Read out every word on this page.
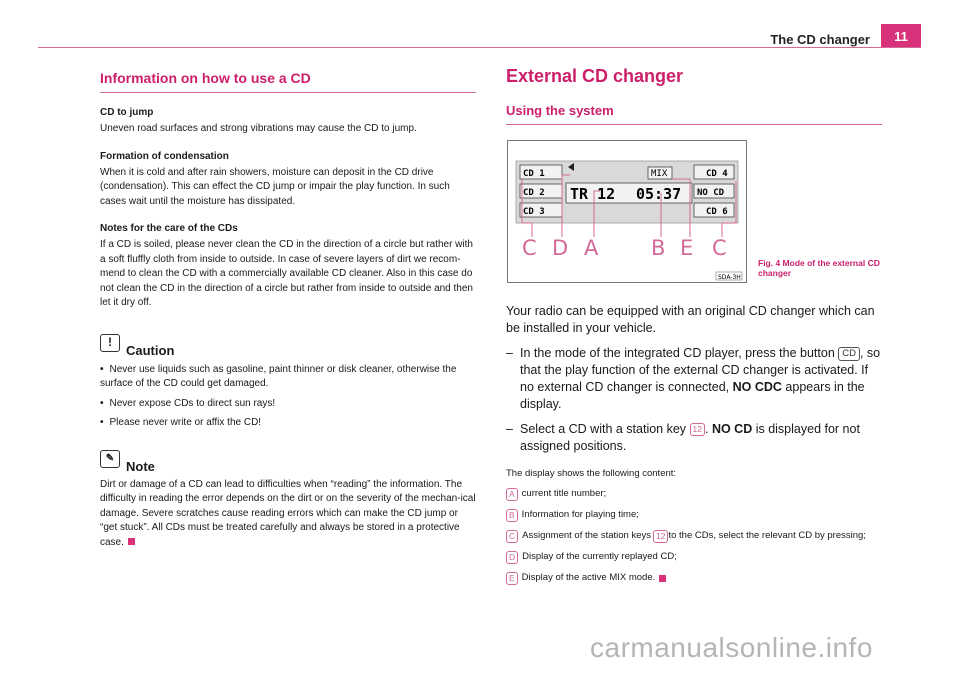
The CD changer	11
Information on how to use a CD
CD to jump

Uneven road surfaces and strong vibrations may cause the CD to jump.

Formation of condensation

When it is cold and after rain showers, moisture can deposit in the CD drive (condensation). This can effect the CD jump or impair the play function. In such cases wait until the moisture has dissipated.

Notes for the care of the CDs

If a CD is soiled, please never clean the CD in the direction of a circle but rather with a soft fluffly cloth from inside to outside. In case of severe layers of dirt we recom-mend to clean the CD with a commercially available CD cleaner. Also in this case do not clean the CD in the direction of a circle but rather from inside to outside and then let it dry off.

!
Caution

• Never use liquids such as gasoline, paint thinner or disk cleaner, otherwise the surface of the CD could get damaged.

• Never expose CDs to direct sun rays!

• Please never write or affix the CD!

✎ Note

Dirt or damage of a CD can lead to difficulties when “reading” the information. The difficulty in reading the error depends on the dirt or on the severity of the mechan-ical damage. Severe scratches cause reading errors which can make the CD jump or “get stuck”. All CDs must be treated carefully and always be stored in a protective case.

External CD changer
Using the system
CD 1
CD 2
CD 3
CD 4
NO CD
CD 6
MIX
TR 12 05:37
C D A	B E C
SDA-3H
Fig. 4 Mode of the external CD changer

Your radio can be equipped with an original CD changer which can be installed in your vehicle.

– In the mode of the integrated CD player, press the button CD , so that the play function of the external CD changer is activated. If no external CD changer is connected, NO CDC appears in the display.
– Select a CD with a station key 12 . NO CD is displayed for not assigned positions.

The display shows the following content:

A current title number;
B Information for playing time;
C Assignment of the station keys 12 to the CDs, select the relevant CD by pressing;
D Display of the currently replayed CD;
E Display of the active MIX mode.
carmanualsonline.info
